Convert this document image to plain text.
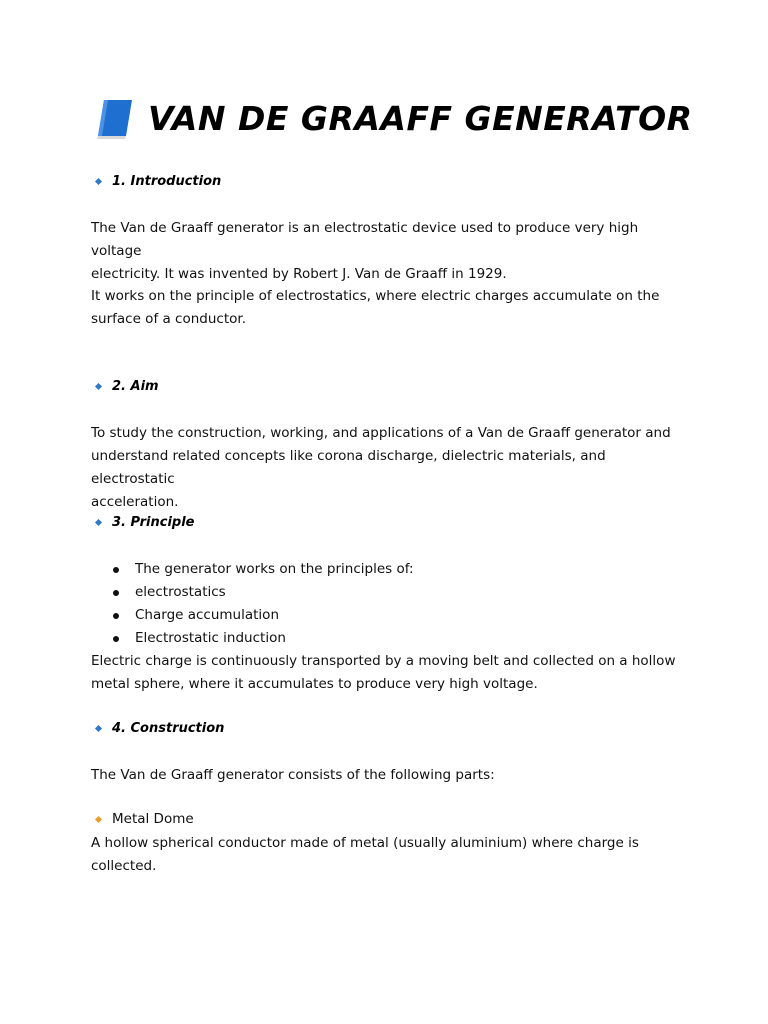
VAN DE GRAAFF GENERATOR
1. Introduction

The Van de Graaff generator is an electrostatic device used to produce very high voltage
electricity. It was invented by Robert J. Van de Graaff in 1929.

It works on the principle of electrostatics, where electric charges accumulate on the
surface of a conductor.

2. Aim

To study the construction, working, and applications of a Van de Graaff generator and
understand related concepts like corona discharge, dielectric materials, and electrostatic
acceleration.

3. Principle
The generator works on the principles of:
electrostatics
Charge accumulation
Electrostatic induction

Electric charge is continuously transported by a moving belt and collected on a hollow
metal sphere, where it accumulates to produce very high voltage.

4. Construction

The Van de Graaff generator consists of the following parts:

Metal Dome

A hollow spherical conductor made of metal (usually aluminium) where charge is collected.
